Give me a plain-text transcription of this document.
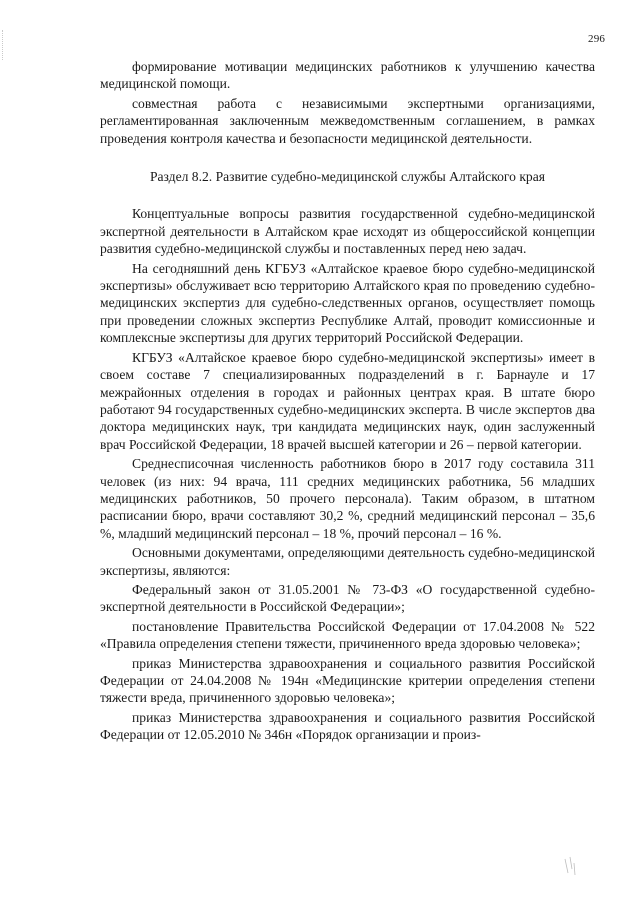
296

формирование мотивации медицинских работников к улучшению качества медицинской помощи.

совместная работа с независимыми экспертными организациями, регламентированная заключенным межведомственным соглашением, в рамках проведения контроля качества и безопасности медицинской деятельности.

Раздел 8.2. Развитие судебно-медицинской службы Алтайского края

Концептуальные вопросы развития государственной судебно-медицинской экспертной деятельности в Алтайском крае исходят из общероссийской концепции развития судебно-медицинской службы и поставленных перед нею задач.

На сегодняшний день КГБУЗ «Алтайское краевое бюро судебно-медицинской экспертизы» обслуживает всю территорию Алтайского края по проведению судебно-медицинских экспертиз для судебно-следственных органов, осуществляет помощь при проведении сложных экспертиз Республике Алтай, проводит комиссионные и комплексные экспертизы для других территорий Российской Федерации.

КГБУЗ «Алтайское краевое бюро судебно-медицинской экспертизы» имеет в своем составе 7 специализированных подразделений в г. Барнауле и 17 межрайонных отделения в городах и районных центрах края. В штате бюро работают 94 государственных судебно-медицинских эксперта. В числе экспертов два доктора медицинских наук, три кандидата медицинских наук, один заслуженный врач Российской Федерации, 18 врачей высшей категории и 26 – первой категории.

Среднесписочная численность работников бюро в 2017 году составила 311 человек (из них: 94 врача, 111 средних медицинских работника, 56 младших медицинских работников, 50 прочего персонала). Таким образом, в штатном расписании бюро, врачи составляют 30,2 %, средний медицинский персонал – 35,6 %, младший медицинский персонал – 18 %, прочий персонал – 16 %.

Основными документами, определяющими деятельность судебно-медицинской экспертизы, являются:

Федеральный закон от 31.05.2001 № 73-ФЗ «О государственной судебно-экспертной деятельности в Российской Федерации»;

постановление Правительства Российской Федерации от 17.04.2008 № 522 «Правила определения степени тяжести, причиненного вреда здоровью человека»;

приказ Министерства здравоохранения и социального развития Российской Федерации от 24.04.2008 № 194н «Медицинские критерии определения степени тяжести вреда, причиненного здоровью человека»;

приказ Министерства здравоохранения и социального развития Российской Федерации от 12.05.2010 № 346н «Порядок организации и произ-
